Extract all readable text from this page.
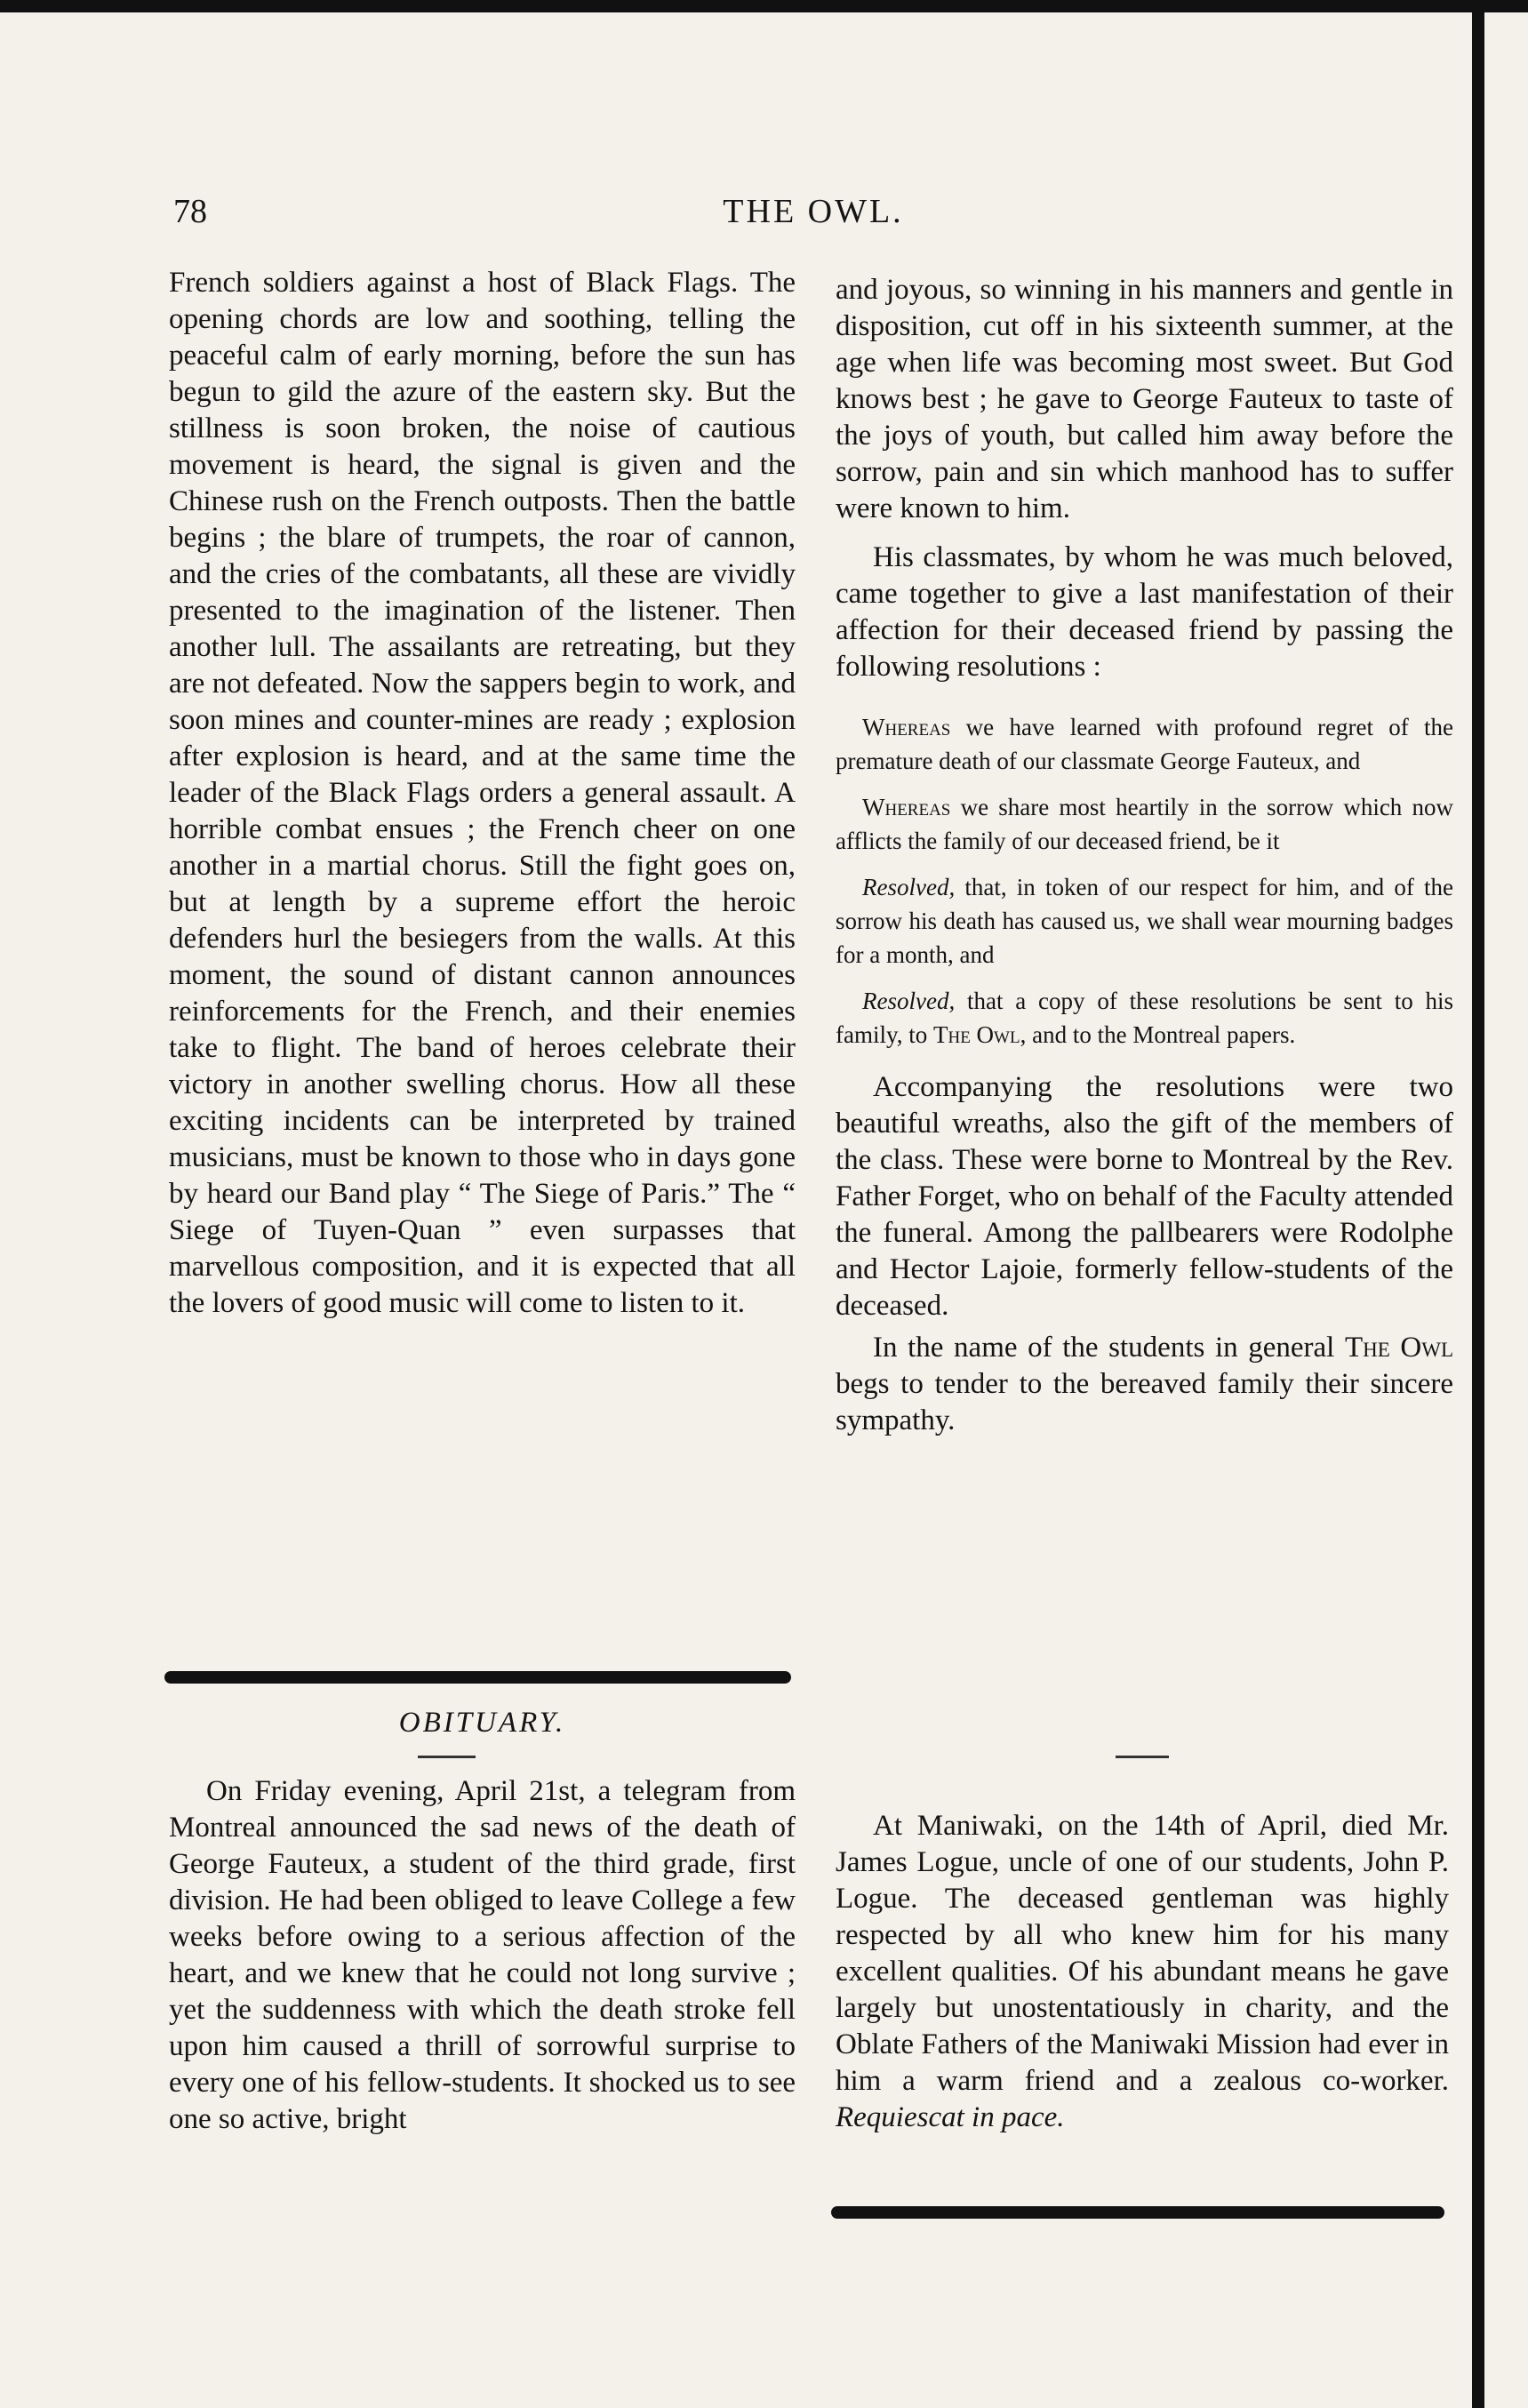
78	THE OWL.

French soldiers against a host of Black Flags. The opening chords are low and soothing, telling the peaceful calm of early morning, before the sun has begun to gild the azure of the eastern sky. But the stillness is soon broken, the noise of cautious movement is heard, the signal is given and the Chinese rush on the French outposts. Then the battle begins ; the blare of trumpets, the roar of cannon, and the cries of the combatants, all these are vividly presented to the imagination of the listener. Then another lull. The assailants are retreating, but they are not defeated. Now the sappers begin to work, and soon mines and counter-mines are ready ; explosion after explosion is heard, and at the same time the leader of the Black Flags orders a general assault. A horrible combat ensues ; the French cheer on one another in a martial chorus. Still the fight goes on, but at length by a supreme effort the heroic defenders hurl the besiegers from the walls. At this moment, the sound of distant cannon announces reinforcements for the French, and their enemies take to flight. The band of heroes celebrate their victory in another swelling chorus. How all these exciting incidents can be interpreted by trained musicians, must be known to those who in days gone by heard our Band play “ The Siege of Paris.” The “ Siege of Tuyen-Quan ” even surpasses that marvellous composition, and it is expected that all the lovers of good music will come to listen to it.

OBITUARY.

On Friday evening, April 21st, a telegram from Montreal announced the sad news of the death of George Fauteux, a student of the third grade, first division. He had been obliged to leave College a few weeks before owing to a serious affection of the heart, and we knew that he could not long survive ; yet the suddenness with which the death stroke fell upon him caused a thrill of sorrowful surprise to every one of his fellow-students. It shocked us to see one so active, bright

and joyous, so winning in his manners and gentle in disposition, cut off in his sixteenth summer, at the age when life was becoming most sweet. But God knows best ; he gave to George Fauteux to taste of the joys of youth, but called him away before the sorrow, pain and sin which manhood has to suffer were known to him.

His classmates, by whom he was much beloved, came together to give a last manifestation of their affection for their deceased friend by passing the following resolutions :

Whereas we have learned with profound regret of the premature death of our classmate George Fauteux, and

Whereas we share most heartily in the sorrow which now afflicts the family of our deceased friend, be it

Resolved, that, in token of our respect for him, and of the sorrow his death has caused us, we shall wear mourning badges for a month, and

Resolved, that a copy of these resolutions be sent to his family, to The Owl, and to the Montreal papers.

Accompanying the resolutions were two beautiful wreaths, also the gift of the members of the class. These were borne to Montreal by the Rev. Father Forget, who on behalf of the Faculty attended the funeral. Among the pallbearers were Rodolphe and Hector Lajoie, formerly fellow-students of the deceased.

In the name of the students in general The Owl begs to tender to the bereaved family their sincere sympathy.

At Maniwaki, on the 14th of April, died Mr. James Logue, uncle of one of our students, John P. Logue. The deceased gentleman was highly respected by all who knew him for his many excellent qualities. Of his abundant means he gave largely but unostentatiously in charity, and the Oblate Fathers of the Maniwaki Mission had ever in him a warm friend and a zealous co-worker. Requiescat in pace.
